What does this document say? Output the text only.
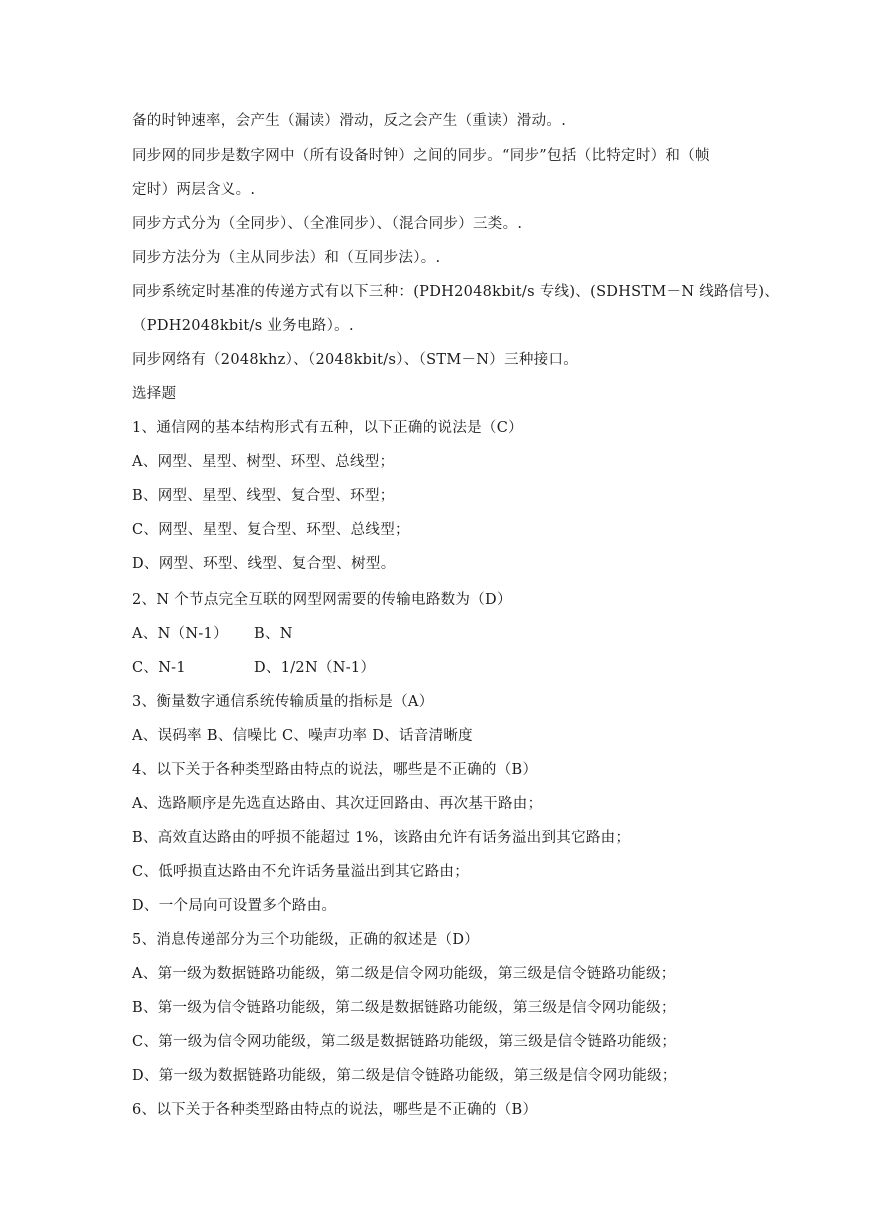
备的时钟速率，会产生（漏读）滑动，反之会产生（重读）滑动。.
同步网的同步是数字网中（所有设备时钟）之间的同步。“同步”包括（比特定时）和（帧
定时）两层含义。.
同步方式分为（全同步）、（全准同步）、（混合同步）三类。.
同步方法分为（主从同步法）和（互同步法）。.
同步系统定时基准的传递方式有以下三种：(PDH2048kbit/s 专线)、(SDHSTM－N 线路信号)、
（PDH2048kbit/s 业务电路）。.
同步网络有（2048khz）、（2048kbit/s）、（STM－N）三种接口。
选择题
1、通信网的基本结构形式有五种，以下正确的说法是（C）
A、网型、星型、树型、环型、总线型；
B、网型、星型、线型、复合型、环型；
C、网型、星型、复合型、环型、总线型；
D、网型、环型、线型、复合型、树型。
2、N 个节点完全互联的网型网需要的传输电路数为（D）
A、N（N-1） B、N
C、N-1	D、1/2N（N-1）
3、衡量数字通信系统传输质量的指标是（A）
A、误码率 B、信噪比 C、噪声功率 D、话音清晰度
4、以下关于各种类型路由特点的说法，哪些是不正确的（B）
A、选路顺序是先选直达路由、其次迂回路由、再次基干路由；
B、高效直达路由的呼损不能超过 1%，该路由允许有话务溢出到其它路由；
C、低呼损直达路由不允许话务量溢出到其它路由；
D、一个局向可设置多个路由。
5、消息传递部分为三个功能级，正确的叙述是（D）
A、第一级为数据链路功能级，第二级是信令网功能级，第三级是信令链路功能级；
B、第一级为信令链路功能级，第二级是数据链路功能级，第三级是信令网功能级；
C、第一级为信令网功能级，第二级是数据链路功能级，第三级是信令链路功能级；
D、第一级为数据链路功能级，第二级是信令链路功能级，第三级是信令网功能级；
6、以下关于各种类型路由特点的说法，哪些是不正确的（B）
